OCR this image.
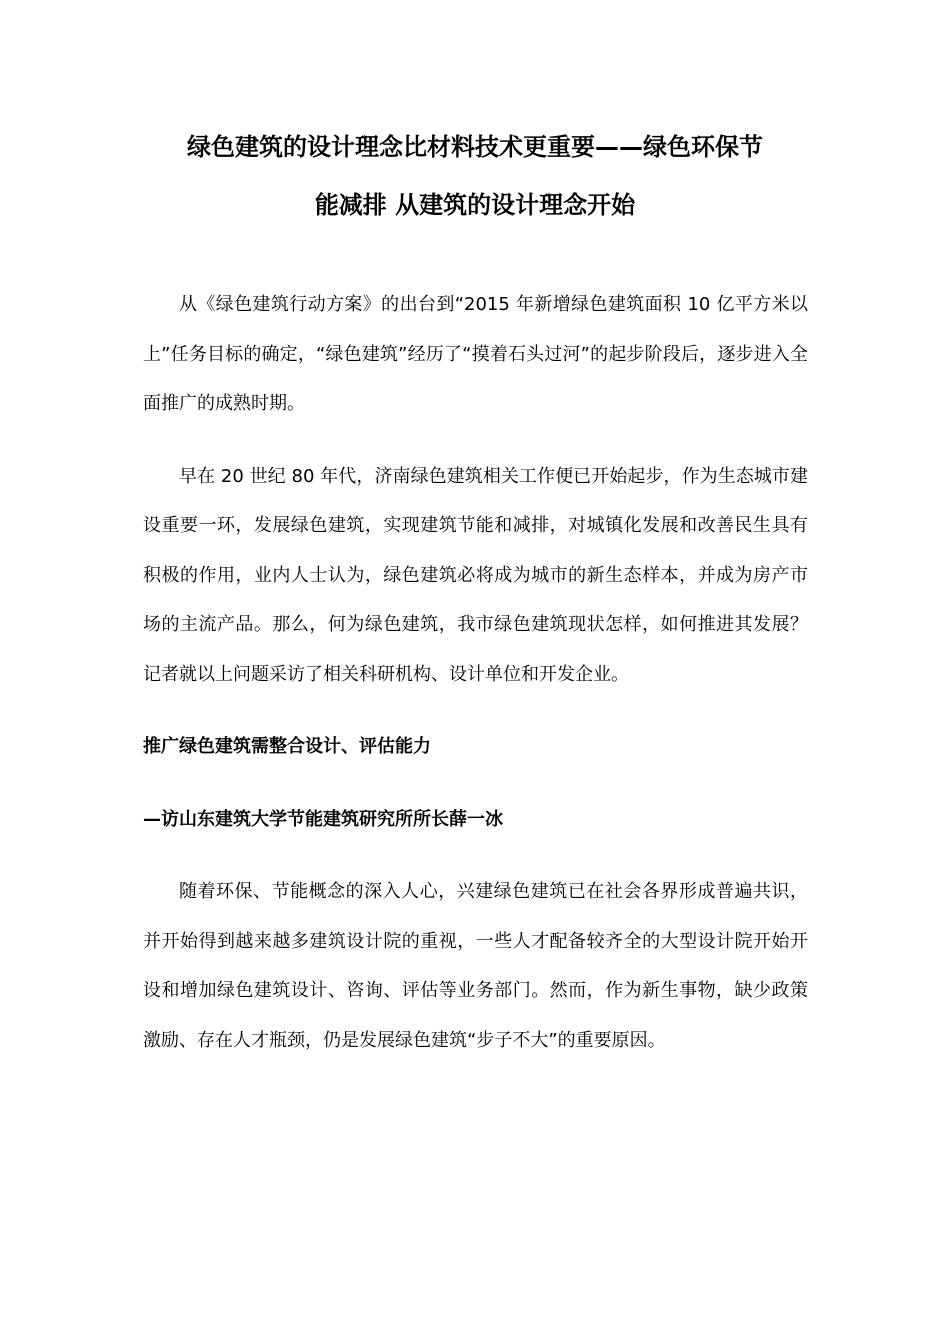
绿色建筑的设计理念比材料技术更重要——绿色环保节
能减排 从建筑的设计理念开始

从《绿色建筑行动方案》的出台到“2015 年新增绿色建筑面积 10 亿平方米以上”任务目标的确定，“绿色建筑”经历了“摸着石头过河”的起步阶段后，逐步进入全面推广的成熟时期。

早在 20 世纪 80 年代，济南绿色建筑相关工作便已开始起步，作为生态城市建设重要一环，发展绿色建筑，实现建筑节能和减排，对城镇化发展和改善民生具有积极的作用，业内人士认为，绿色建筑必将成为城市的新生态样本，并成为房产市场的主流产品。那么，何为绿色建筑，我市绿色建筑现状怎样，如何推进其发展？记者就以上问题采访了相关科研机构、设计单位和开发企业。

推广绿色建筑需整合设计、评估能力
—访山东建筑大学节能建筑研究所所长薛一冰

随着环保、节能概念的深入人心，兴建绿色建筑已在社会各界形成普遍共识，并开始得到越来越多建筑设计院的重视，一些人才配备较齐全的大型设计院开始开设和增加绿色建筑设计、咨询、评估等业务部门。然而，作为新生事物，缺少政策激励、存在人才瓶颈，仍是发展绿色建筑“步子不大”的重要原因。
